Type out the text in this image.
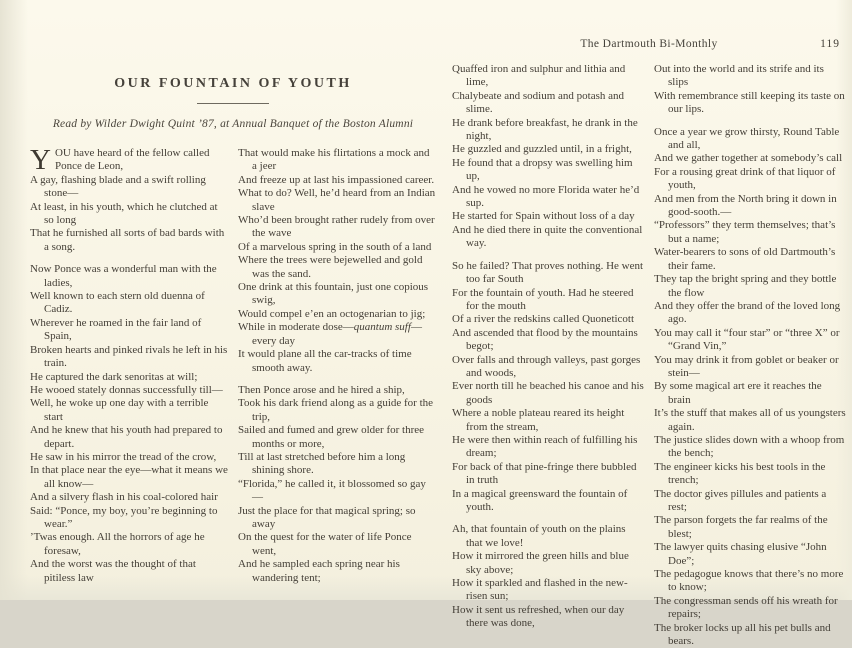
OUR FOUNTAIN OF YOUTH
Read by Wilder Dwight Quint ’87, at Annual Banquet of the Boston Alumni
YOU have heard of the fellow called Ponce de Leon,
A gay, flashing blade and a swift rolling stone—
At least, in his youth, which he clutched at so long
That he furnished all sorts of bad bards with a song.
Now Ponce was a wonderful man with the ladies,
Well known to each stern old duenna of Cadiz.
Wherever he roamed in the fair land of Spain,
Broken hearts and pinked rivals he left in his train.
He captured the dark senoritas at will;
He wooed stately donnas successfully till—
Well, he woke up one day with a terrible start
And he knew that his youth had prepared to depart.
He saw in his mirror the tread of the crow,
In that place near the eye—what it means we all know—
And a silvery flash in his coal-colored hair
Said: “Ponce, my boy, you’re beginning to wear.”
’Twas enough. All the horrors of age he foresaw,
And the worst was the thought of that pitiless law
That would make his flirtations a mock and a jeer
And freeze up at last his impassioned career.
What to do? Well, he’d heard from an Indian slave
Who’d been brought rather rudely from over the wave
Of a marvelous spring in the south of a land
Where the trees were bejewelled and gold was the sand.
One drink at this fountain, just one copious swig,
Would compel e’en an octogenarian to jig;
While in moderate dose—quantum suff—every day
It would plane all the car-tracks of time smooth away.
Then Ponce arose and he hired a ship,
Took his dark friend along as a guide for the trip,
Sailed and fumed and grew older for three months or more,
Till at last stretched before him a long shining shore.
“Florida,” he called it, it blossomed so gay—
Just the place for that magical spring; so away
On the quest for the water of life Ponce went,
And he sampled each spring near his wandering tent;
The Dartmouth Bi-Monthly	119
Quaffed iron and sulphur and lithia and lime,
Chalybeate and sodium and potash and slime.
He drank before breakfast, he drank in the night,
He guzzled and guzzled until, in a fright,
He found that a dropsy was swelling him up,
And he vowed no more Florida water he’d sup.
He started for Spain without loss of a day
And he died there in quite the conventional way.
So he failed? That proves nothing. He went too far South
For the fountain of youth. Had he steered for the mouth
Of a river the redskins called Quoneticott
And ascended that flood by the mountains begot;
Over falls and through valleys, past gorges and woods,
Ever north till he beached his canoe and his goods
Where a noble plateau reared its height from the stream,
He were then within reach of fulfilling his dream;
For back of that pine-fringe there bubbled in truth
In a magical greensward the fountain of youth.
Ah, that fountain of youth on the plains that we love!
How it mirrored the green hills and blue sky above;
How it sparkled and flashed in the new-risen sun;
How it sent us refreshed, when our day there was done,
Out into the world and its strife and its slips
With remembrance still keeping its taste on our lips.
Once a year we grow thirsty, Round Table and all,
And we gather together at somebody’s call
For a rousing great drink of that liquor of youth,
And men from the North bring it down in good-sooth.—
“Professors” they term themselves; that’s but a name;
Water-bearers to sons of old Dartmouth’s their fame.
They tap the bright spring and they bottle the flow
And they offer the brand of the loved long ago.
You may call it “four star” or “three X” or “Grand Vin,”
You may drink it from goblet or beaker or stein—
By some magical art ere it reaches the brain
It’s the stuff that makes all of us youngsters again.
The justice slides down with a whoop from the bench;
The engineer kicks his best tools in the trench;
The doctor gives pillules and patients a rest;
The parson forgets the far realms of the blest;
The lawyer quits chasing elusive “John Doe”;
The pedagogue knows that there’s no more to know;
The congressman sends off his wreath for repairs;
The broker locks up all his pet bulls and bears.
